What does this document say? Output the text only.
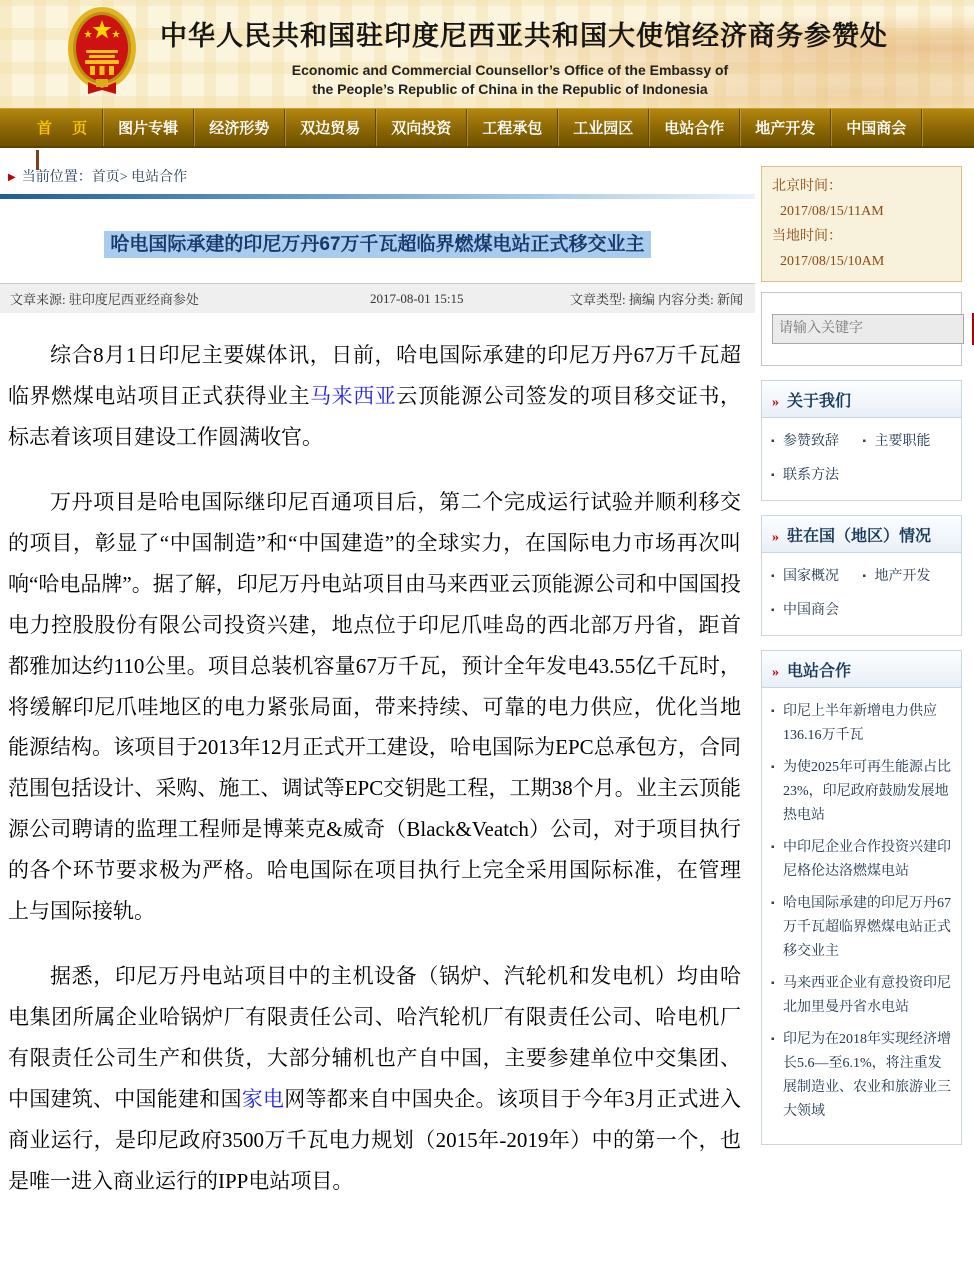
中华人民共和国驻印度尼西亚共和国大使馆经济商务参赞处
Economic and Commercial Counsellor’s Office of the Embassy of
the People’s Republic of China in the Republic of Indonesia
首 页	图片专辑	经济形势	双边贸易	双向投资	工程承包	工业园区	电站合作	地产开发	中国商会
▶ 当前位置：首页> 电站合作
哈电国际承建的印尼万丹67万千瓦超临界燃煤电站正式移交业主
文章来源: 驻印度尼西亚经商参处	2017-08-01 15:15	文章类型: 摘编 内容分类: 新闻

综合8月1日印尼主要媒体讯，日前，哈电国际承建的印尼万丹67万千瓦超临界燃煤电站项目正式获得业主马来西亚云顶能源公司签发的项目移交证书，标志着该项目建设工作圆满收官。

万丹项目是哈电国际继印尼百通项目后，第二个完成运行试验并顺利移交的项目，彰显了“中国制造”和“中国建造”的全球实力，在国际电力市场再次叫响“哈电品牌”。据了解，印尼万丹电站项目由马来西亚云顶能源公司和中国国投电力控股股份有限公司投资兴建，地点位于印尼爪哇岛的西北部万丹省，距首都雅加达约110公里。项目总装机容量67万千瓦，预计全年发电43.55亿千瓦时，将缓解印尼爪哇地区的电力紧张局面，带来持续、可靠的电力供应，优化当地能源结构。该项目于2013年12月正式开工建设，哈电国际为EPC总承包方，合同范围包括设计、采购、施工、调试等EPC交钥匙工程，工期38个月。业主云顶能源公司聘请的监理工程师是博莱克&威奇（Black&Veatch）公司，对于项目执行的各个环节要求极为严格。哈电国际在项目执行上完全采用国际标准，在管理上与国际接轨。

据悉，印尼万丹电站项目中的主机设备（锅炉、汽轮机和发电机）均由哈电集团所属企业哈锅炉厂有限责任公司、哈汽轮机厂有限责任公司、哈电机厂有限责任公司生产和供货，大部分辅机也产自中国，主要参建单位中交集团、中国建筑、中国能建和国家电网等都来自中国央企。该项目于今年3月正式进入商业运行，是印尼政府3500万千瓦电力规划（2015年-2019年）中的第一个，也是唯一进入商业运行的IPP电站项目。

北京时间：2017/08/15/11AM
当地时间：2017/08/15/10AM
请输入关键字
» 关于我们
▪ 参赞致辞	▪ 主要职能
▪ 联系方法
» 驻在国（地区）情况
▪ 国家概况	▪ 地产开发
▪ 中国商会
» 电站合作
▪ 印尼上半年新增电力供应136.16万千瓦
▪ 为使2025年可再生能源占比23%，印尼政府鼓励发展地热电站
▪ 中印尼企业合作投资兴建印尼格伦达洛燃煤电站
▪ 哈电国际承建的印尼万丹67万千瓦超临界燃煤电站正式移交业主
▪ 马来西亚企业有意投资印尼北加里曼丹省水电站
▪ 印尼为在2018年实现经济增长5.6—至6.1%，将注重发展制造业、农业和旅游业三大领域
